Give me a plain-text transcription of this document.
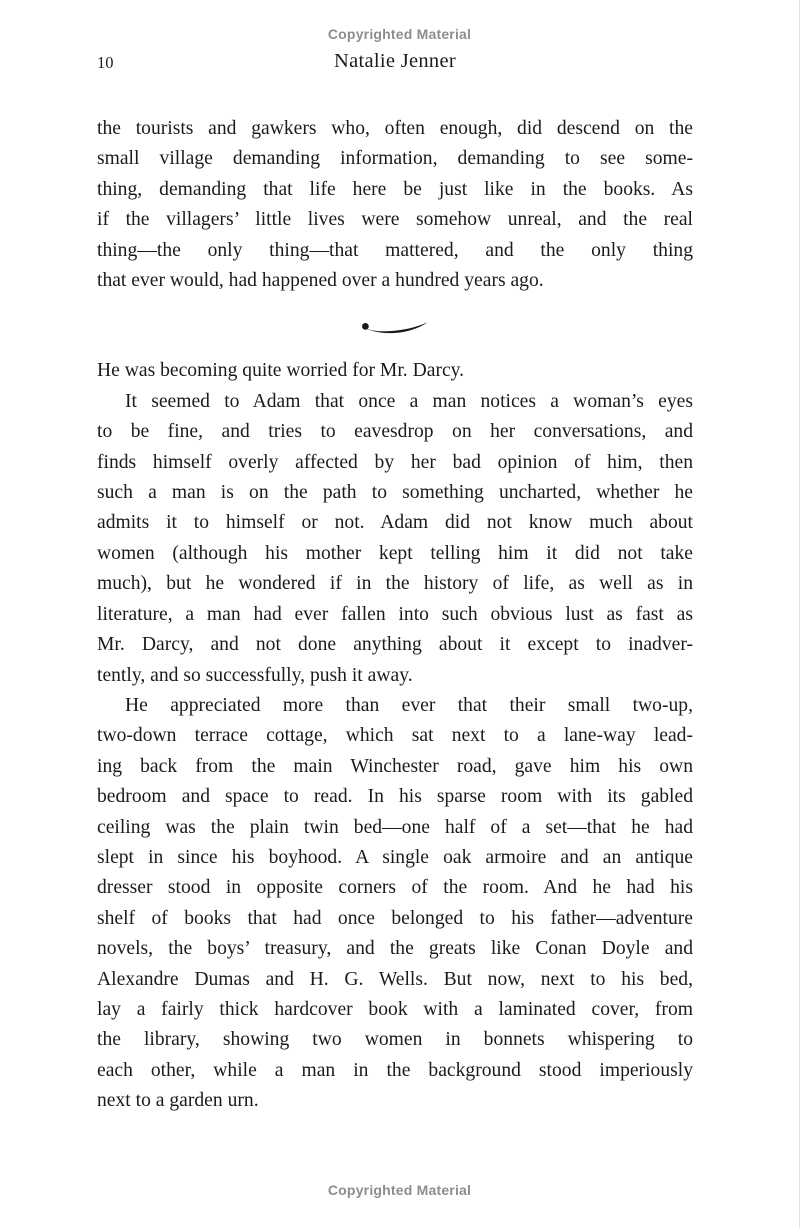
Copyrighted Material
10	Natalie Jenner
the tourists and gawkers who, often enough, did descend on the
small village demanding information, demanding to see some-
thing, demanding that life here be just like in the books. As
if the villagers’ little lives were somehow unreal, and the real
thing—the only thing—that mattered, and the only thing
that ever would, had happened over a hundred years ago.
He was becoming quite worried for Mr. Darcy.
It seemed to Adam that once a man notices a woman’s eyes
to be fine, and tries to eavesdrop on her conversations, and
finds himself overly affected by her bad opinion of him, then
such a man is on the path to something uncharted, whether he
admits it to himself or not. Adam did not know much about
women (although his mother kept telling him it did not take
much), but he wondered if in the history of life, as well as in
literature, a man had ever fallen into such obvious lust as fast as
Mr. Darcy, and not done anything about it except to inadver-
tently, and so successfully, push it away.
He appreciated more than ever that their small two-up,
two-down terrace cottage, which sat next to a lane-way lead-
ing back from the main Winchester road, gave him his own
bedroom and space to read. In his sparse room with its gabled
ceiling was the plain twin bed—one half of a set—that he had
slept in since his boyhood. A single oak armoire and an antique
dresser stood in opposite corners of the room. And he had his
shelf of books that had once belonged to his father—adventure
novels, the boys’ treasury, and the greats like Conan Doyle and
Alexandre Dumas and H. G. Wells. But now, next to his bed,
lay a fairly thick hardcover book with a laminated cover, from
the library, showing two women in bonnets whispering to
each other, while a man in the background stood imperiously
next to a garden urn.
Copyrighted Material
